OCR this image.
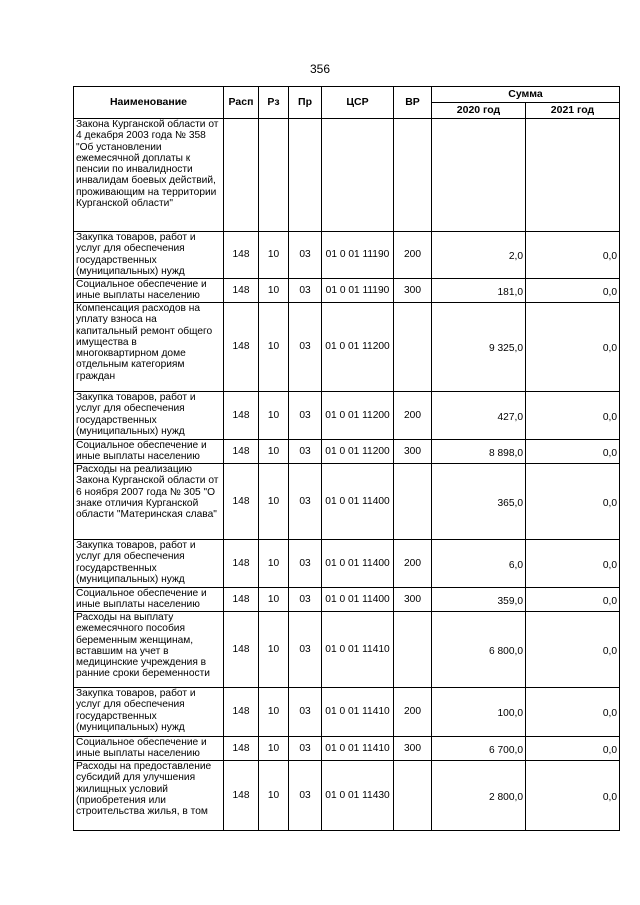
356
Наименование	Расп	Рз	Пр	ЦСР	ВР	Сумма	
						2020 год	2021 год
Закона Курганской области от 4 декабря 2003 года № 358 "Об установлении ежемесячной доплаты к пенсии по инвалидности инвалидам боевых действий, проживающим на территории Курганской области"							
Закупка товаров, работ и услуг для обеспечения государственных (муниципальных) нужд	148	10	03	01 0 01 11190	200	2,0	0,0
Социальное обеспечение и иные выплаты населению	148	10	03	01 0 01 11190	300	181,0	0,0
Компенсация расходов на уплату взноса на капитальный ремонт общего имущества в многоквартирном доме отдельным категориям граждан	148	10	03	01 0 01 11200		9 325,0	0,0
Закупка товаров, работ и услуг для обеспечения государственных (муниципальных) нужд	148	10	03	01 0 01 11200	200	427,0	0,0
Социальное обеспечение и иные выплаты населению	148	10	03	01 0 01 11200	300	8 898,0	0,0
Расходы на реализацию Закона Курганской области от 6 ноября 2007 года № 305 "О знаке отличия Курганской области "Материнская слава"	148	10	03	01 0 01 11400		365,0	0,0
Закупка товаров, работ и услуг для обеспечения государственных (муниципальных) нужд	148	10	03	01 0 01 11400	200	6,0	0,0
Социальное обеспечение и иные выплаты населению	148	10	03	01 0 01 11400	300	359,0	0,0
Расходы на выплату ежемесячного пособия беременным женщинам, вставшим на учет в медицинские учреждения в ранние сроки беременности	148	10	03	01 0 01 11410		6 800,0	0,0
Закупка товаров, работ и услуг для обеспечения государственных (муниципальных) нужд	148	10	03	01 0 01 11410	200	100,0	0,0
Социальное обеспечение и иные выплаты населению	148	10	03	01 0 01 11410	300	6 700,0	0,0
Расходы на предоставление субсидий для улучшения жилищных условий (приобретения или строительства жилья, в том	148	10	03	01 0 01 11430		2 800,0	0,0
